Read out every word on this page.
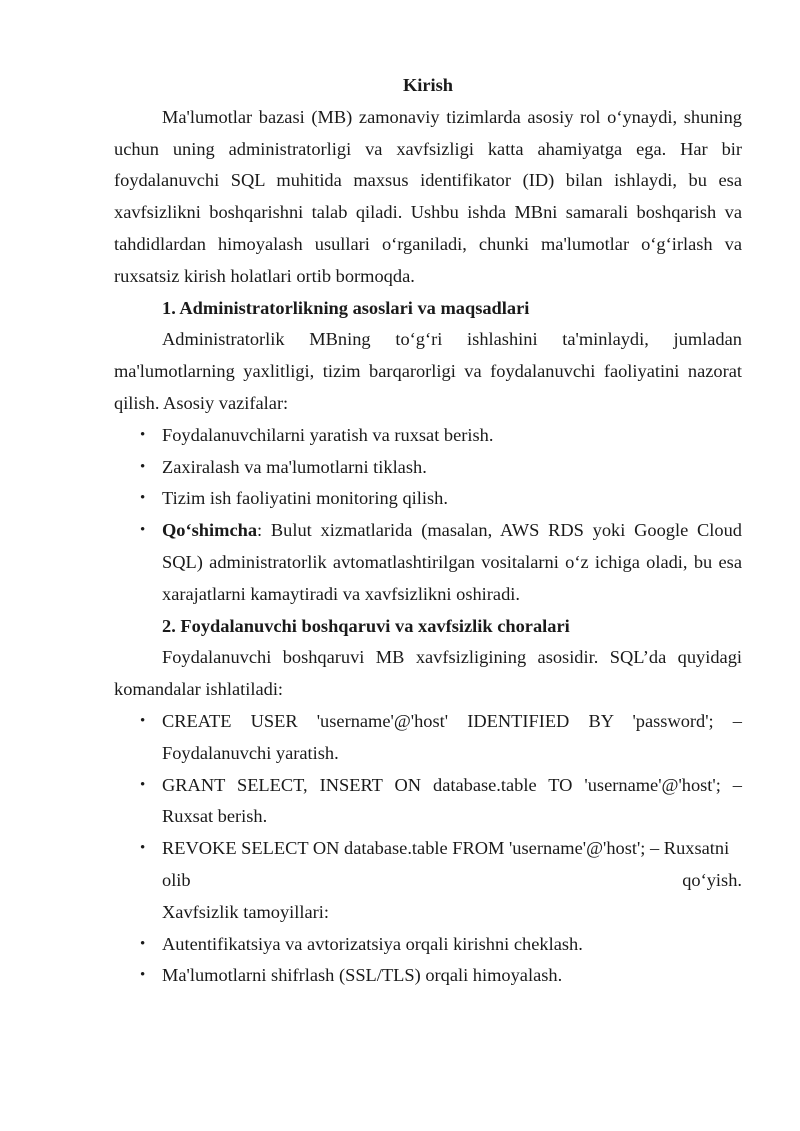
Kirish

Ma'lumotlar bazasi (MB) zamonaviy tizimlarda asosiy rol o‘ynaydi, shuning uchun uning administratorligi va xavfsizligi katta ahamiyatga ega. Har bir foydalanuvchi SQL muhitida maxsus identifikator (ID) bilan ishlaydi, bu esa xavfsizlikni boshqarishni talab qiladi. Ushbu ishda MBni samarali boshqarish va tahdidlardan himoyalash usullari o‘rganiladi, chunki ma'lumotlar o‘g‘irlash va ruxsatsiz kirish holatlari ortib bormoqda.

1. Administratorlikning asoslari va maqsadlari

Administratorlik MBning to‘g‘ri ishlashini ta'minlaydi, jumladan ma'lumotlarning yaxlitligi, tizim barqarorligi va foydalanuvchi faoliyatini nazorat qilish. Asosiy vazifalar:

• Foydalanuvchilarni yaratish va ruxsat berish.
• Zaxiralash va ma'lumotlarni tiklash.
• Tizim ish faoliyatini monitoring qilish.
• Qo‘shimcha: Bulut xizmatlarida (masalan, AWS RDS yoki Google Cloud SQL) administratorlik avtomatlashtirilgan vositalarni o‘z ichiga oladi, bu esa xarajatlarni kamaytiradi va xavfsizlikni oshiradi.
2. Foydalanuvchi boshqaruvi va xavfsizlik choralari

Foydalanuvchi boshqaruvi MB xavfsizligining asosidir. SQL’da quyidagi komandalar ishlatiladi:

• CREATE USER 'username'@'host' IDENTIFIED BY 'password'; – Foydalanuvchi yaratish.
• GRANT SELECT, INSERT ON database.table TO 'username'@'host'; – Ruxsat berish.
• REVOKE SELECT ON database.table FROM 'username'@'host'; – Ruxsatni
olib	qo‘yish.
Xavfsizlik tamoyillari:
• Autentifikatsiya va avtorizatsiya orqali kirishni cheklash.
• Ma'lumotlarni shifrlash (SSL/TLS) orqali himoyalash.
